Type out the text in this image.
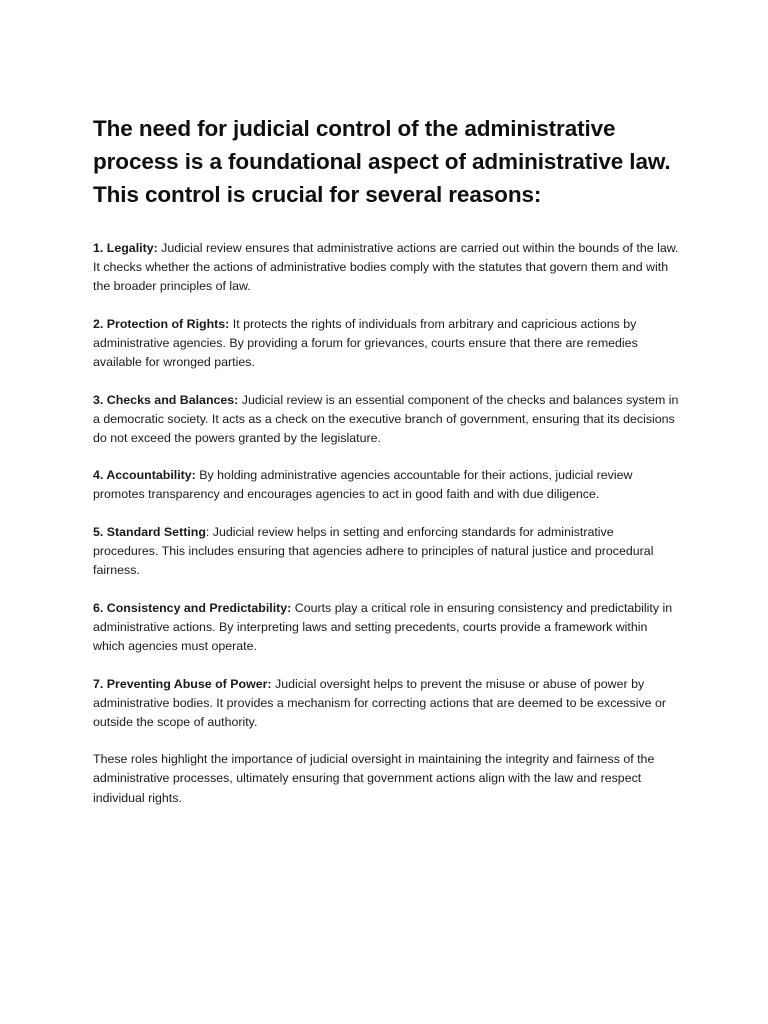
The need for judicial control of the administrative process is a foundational aspect of administrative law. This control is crucial for several reasons:

1. Legality: Judicial review ensures that administrative actions are carried out within the bounds of the law. It checks whether the actions of administrative bodies comply with the statutes that govern them and with the broader principles of law.

2. Protection of Rights: It protects the rights of individuals from arbitrary and capricious actions by administrative agencies. By providing a forum for grievances, courts ensure that there are remedies available for wronged parties.

3. Checks and Balances: Judicial review is an essential component of the checks and balances system in a democratic society. It acts as a check on the executive branch of government, ensuring that its decisions do not exceed the powers granted by the legislature.

4. Accountability: By holding administrative agencies accountable for their actions, judicial review promotes transparency and encourages agencies to act in good faith and with due diligence.

5. Standard Setting: Judicial review helps in setting and enforcing standards for administrative procedures. This includes ensuring that agencies adhere to principles of natural justice and procedural fairness.

6. Consistency and Predictability: Courts play a critical role in ensuring consistency and predictability in administrative actions. By interpreting laws and setting precedents, courts provide a framework within which agencies must operate.

7. Preventing Abuse of Power: Judicial oversight helps to prevent the misuse or abuse of power by administrative bodies. It provides a mechanism for correcting actions that are deemed to be excessive or outside the scope of authority.

These roles highlight the importance of judicial oversight in maintaining the integrity and fairness of the administrative processes, ultimately ensuring that government actions align with the law and respect individual rights.
